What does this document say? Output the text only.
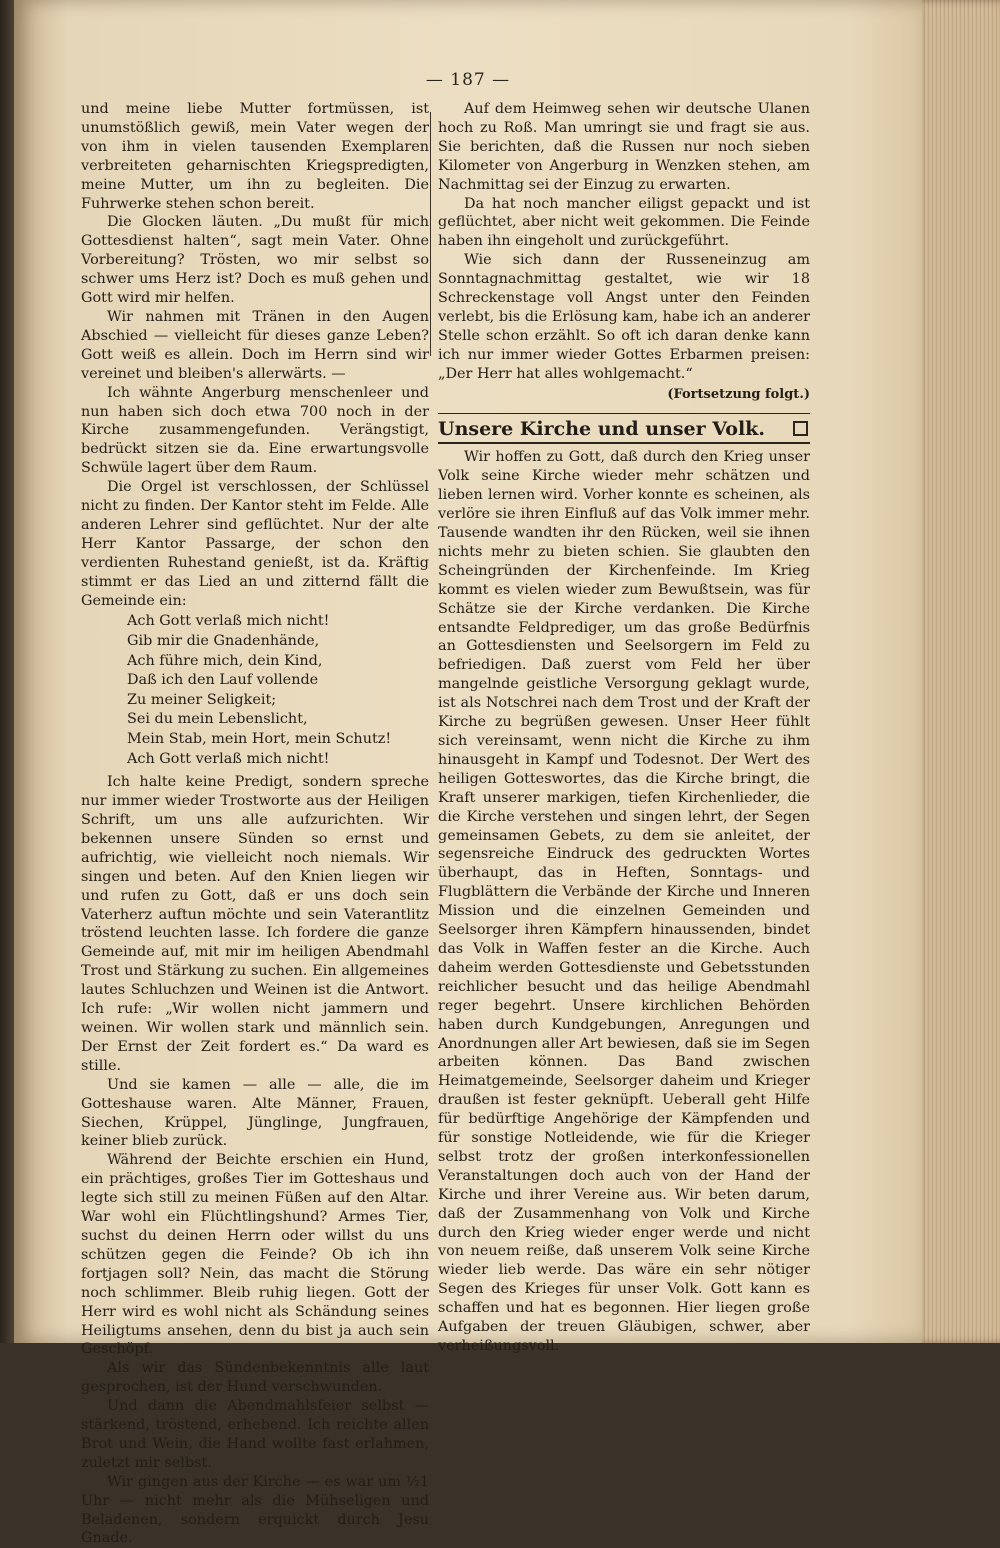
— 187 —

und meine liebe Mutter fortmüssen, ist unumstößlich gewiß, mein Vater wegen der von ihm in vielen tausenden Exemplaren verbreiteten geharnischten Kriegspredigten, meine Mutter, um ihn zu begleiten. Die Fuhrwerke stehen schon bereit.

Die Glocken läuten. „Du mußt für mich Gottesdienst halten“, sagt mein Vater. Ohne Vorbereitung? Trösten, wo mir selbst so schwer ums Herz ist? Doch es muß gehen und Gott wird mir helfen.

Wir nahmen mit Tränen in den Augen Abschied — vielleicht für dieses ganze Leben? Gott weiß es allein. Doch im Herrn sind wir vereinet und bleiben's allerwärts. —

Ich wähnte Angerburg menschenleer und nun haben sich doch etwa 700 noch in der Kirche zusammengefunden. Verängstigt, bedrückt sitzen sie da. Eine erwartungsvolle Schwüle lagert über dem Raum.

Die Orgel ist verschlossen, der Schlüssel nicht zu finden. Der Kantor steht im Felde. Alle anderen Lehrer sind geflüchtet. Nur der alte Herr Kantor Passarge, der schon den verdienten Ruhestand genießt, ist da. Kräftig stimmt er das Lied an und zitternd fällt die Gemeinde ein:

Ach Gott verlaß mich nicht!
Gib mir die Gnadenhände,
Ach führe mich, dein Kind,
Daß ich den Lauf vollende
Zu meiner Seligkeit;
Sei du mein Lebenslicht,
Mein Stab, mein Hort, mein Schutz!
Ach Gott verlaß mich nicht!

Ich halte keine Predigt, sondern spreche nur immer wieder Trostworte aus der Heiligen Schrift, um uns alle aufzurichten. Wir bekennen unsere Sünden so ernst und aufrichtig, wie vielleicht noch niemals. Wir singen und beten. Auf den Knien liegen wir und rufen zu Gott, daß er uns doch sein Vaterherz auftun möchte und sein Vaterantlitz tröstend leuchten lasse. Ich fordere die ganze Gemeinde auf, mit mir im heiligen Abendmahl Trost und Stärkung zu suchen. Ein allgemeines lautes Schluchzen und Weinen ist die Antwort. Ich rufe: „Wir wollen nicht jammern und weinen. Wir wollen stark und männlich sein. Der Ernst der Zeit fordert es.“ Da ward es stille.

Und sie kamen — alle — alle, die im Gotteshause waren. Alte Männer, Frauen, Siechen, Krüppel, Jünglinge, Jungfrauen, keiner blieb zurück.

Während der Beichte erschien ein Hund, ein prächtiges, großes Tier im Gotteshaus und legte sich still zu meinen Füßen auf den Altar. War wohl ein Flüchtlingshund? Armes Tier, suchst du deinen Herrn oder willst du uns schützen gegen die Feinde? Ob ich ihn fortjagen soll? Nein, das macht die Störung noch schlimmer. Bleib ruhig liegen. Gott der Herr wird es wohl nicht als Schändung seines Heiligtums ansehen, denn du bist ja auch sein Geschöpf.

Als wir das Sündenbekenntnis alle laut gesprochen, ist der Hund verschwunden.

Und dann die Abendmahlsfeier selbst — stärkend, tröstend, erhebend. Ich reichte allen Brot und Wein, die Hand wollte fast erlahmen, zuletzt mir selbst.

Wir gingen aus der Kirche — es war um ½1 Uhr — nicht mehr als die Mühseligen und Beladenen, sondern erquickt durch Jesu Gnade.

Auf dem Heimweg sehen wir deutsche Ulanen hoch zu Roß. Man umringt sie und fragt sie aus. Sie berichten, daß die Russen nur noch sieben Kilometer von Angerburg in Wenzken stehen, am Nachmittag sei der Einzug zu erwarten.

Da hat noch mancher eiligst gepackt und ist geflüchtet, aber nicht weit gekommen. Die Feinde haben ihn eingeholt und zurückgeführt.

Wie sich dann der Russeneinzug am Sonntagnachmittag gestaltet, wie wir 18 Schreckenstage voll Angst unter den Feinden verlebt, bis die Erlösung kam, habe ich an anderer Stelle schon erzählt. So oft ich daran denke kann ich nur immer wieder Gottes Erbarmen preisen: „Der Herr hat alles wohlgemacht.“

(Fortsetzung folgt.)
Unsere Kirche und unser Volk.

Wir hoffen zu Gott, daß durch den Krieg unser Volk seine Kirche wieder mehr schätzen und lieben lernen wird. Vorher konnte es scheinen, als verlöre sie ihren Einfluß auf das Volk immer mehr. Tausende wandten ihr den Rücken, weil sie ihnen nichts mehr zu bieten schien. Sie glaubten den Scheingründen der Kirchenfeinde. Im Krieg kommt es vielen wieder zum Bewußtsein, was für Schätze sie der Kirche verdanken. Die Kirche entsandte Feldprediger, um das große Bedürfnis an Gottesdiensten und Seelsorgern im Feld zu befriedigen. Daß zuerst vom Feld her über mangelnde geistliche Versorgung geklagt wurde, ist als Notschrei nach dem Trost und der Kraft der Kirche zu begrüßen gewesen. Unser Heer fühlt sich vereinsamt, wenn nicht die Kirche zu ihm hinausgeht in Kampf und Todesnot. Der Wert des heiligen Gotteswortes, das die Kirche bringt, die Kraft unserer markigen, tiefen Kirchenlieder, die die Kirche verstehen und singen lehrt, der Segen gemeinsamen Gebets, zu dem sie anleitet, der segensreiche Eindruck des gedruckten Wortes überhaupt, das in Heften, Sonntags- und Flugblättern die Verbände der Kirche und Inneren Mission und die einzelnen Gemeinden und Seelsorger ihren Kämpfern hinaussenden, bindet das Volk in Waffen fester an die Kirche. Auch daheim werden Gottesdienste und Gebetsstunden reichlicher besucht und das heilige Abendmahl reger begehrt. Unsere kirchlichen Behörden haben durch Kundgebungen, Anregungen und Anordnungen aller Art bewiesen, daß sie im Segen arbeiten können. Das Band zwischen Heimatgemeinde, Seelsorger daheim und Krieger draußen ist fester geknüpft. Ueberall geht Hilfe für bedürftige Angehörige der Kämpfenden und für sonstige Notleidende, wie für die Krieger selbst trotz der großen interkonfessionellen Veranstaltungen doch auch von der Hand der Kirche und ihrer Vereine aus. Wir beten darum, daß der Zusammenhang von Volk und Kirche durch den Krieg wieder enger werde und nicht von neuem reiße, daß unserem Volk seine Kirche wieder lieb werde. Das wäre ein sehr nötiger Segen des Krieges für unser Volk. Gott kann es schaffen und hat es begonnen. Hier liegen große Aufgaben der treuen Gläubigen, schwer, aber verheißungsvoll.
